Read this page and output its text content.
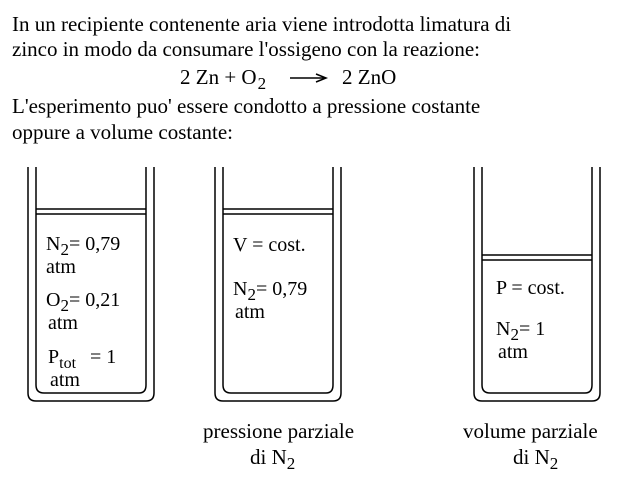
In un recipiente contenente aria viene introdotta limatura di
zinco in modo da consumare l'ossigeno con la reazione:
2 $Zn + O_2$	2 ZnO
L'esperimento puo' essere condotto a pressione costante
oppure a volume costante:
$N_2= 0,79$
atm
$O_2= 0,21$
atm
$P_{tot} = 1$
atm
V = cost.
$N_2= 0,79$
atm
P = cost.
$N_2= 1$
atm
pressione parziale
di $N_2$
volume parziale
di $N_2$
